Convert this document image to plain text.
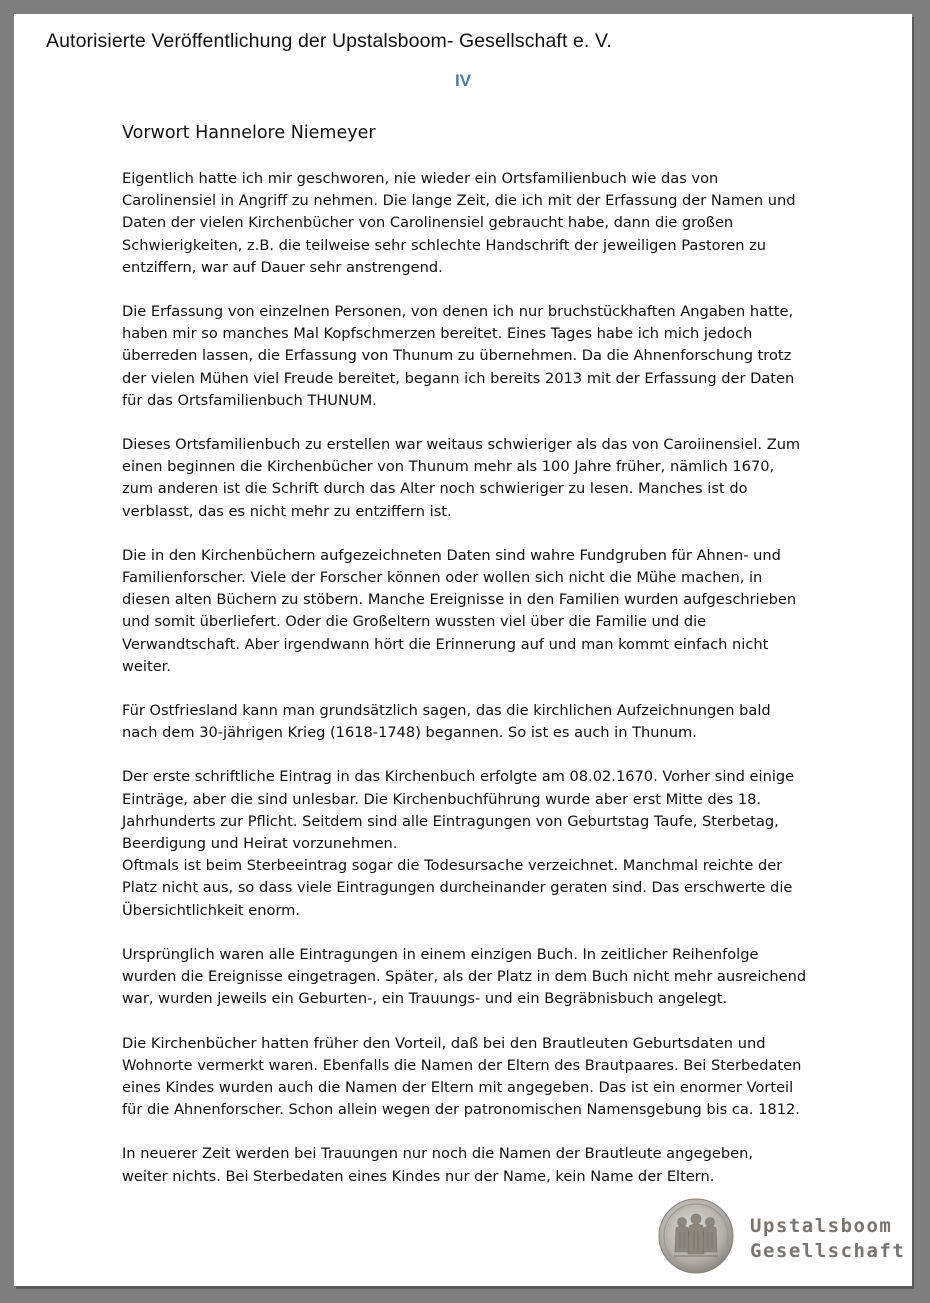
Autorisierte Veröffentlichung der Upstalsboom- Gesellschaft e. V.
IV
Vorwort Hannelore Niemeyer

Eigentlich hatte ich mir geschworen, nie wieder ein Ortsfamilienbuch wie das von
Carolinensiel in Angriff zu nehmen. Die lange Zeit, die ich mit der Erfassung der Namen und
Daten der vielen Kirchenbücher von Carolinensiel gebraucht habe, dann die großen
Schwierigkeiten, z.B. die teilweise sehr schlechte Handschrift der jeweiligen Pastoren zu
entziffern, war auf Dauer sehr anstrengend.

Die Erfassung von einzelnen Personen, von denen ich nur bruchstückhaften Angaben hatte,
haben mir so manches Mal Kopfschmerzen bereitet. Eines Tages habe ich mich jedoch
überreden lassen, die Erfassung von Thunum zu übernehmen. Da die Ahnenforschung trotz
der vielen Mühen viel Freude bereitet, begann ich bereits 2013 mit der Erfassung der Daten
für das Ortsfamilienbuch THUNUM.

Dieses Ortsfamilienbuch zu erstellen war weitaus schwieriger als das von Caroiinensiel. Zum
einen beginnen die Kirchenbücher von Thunum mehr als 100 Jahre früher, nämlich 1670,
zum anderen ist die Schrift durch das Alter noch schwieriger zu lesen. Manches ist do
verblasst, das es nicht mehr zu entziffern ist.

Die in den Kirchenbüchern aufgezeichneten Daten sind wahre Fundgruben für Ahnen- und
Familienforscher. Viele der Forscher können oder wollen sich nicht die Mühe machen, in
diesen alten Büchern zu stöbern. Manche Ereignisse in den Familien wurden aufgeschrieben
und somit überliefert. Oder die Großeltern wussten viel über die Familie und die
Verwandtschaft. Aber irgendwann hört die Erinnerung auf und man kommt einfach nicht
weiter.

Für Ostfriesland kann man grundsätzlich sagen, das die kirchlichen Aufzeichnungen bald
nach dem 30-jährigen Krieg (1618-1748) begannen. So ist es auch in Thunum.

Der erste schriftliche Eintrag in das Kirchenbuch erfolgte am 08.02.1670. Vorher sind einige
Einträge, aber die sind unlesbar. Die Kirchenbuchführung wurde aber erst Mitte des 18.
Jahrhunderts zur Pflicht. Seitdem sind alle Eintragungen von Geburtstag Taufe, Sterbetag,
Beerdigung und Heirat vorzunehmen.
Oftmals ist beim Sterbeeintrag sogar die Todesursache verzeichnet. Manchmal reichte der
Platz nicht aus, so dass viele Eintragungen durcheinander geraten sind. Das erschwerte die
Übersichtlichkeit enorm.

Ursprünglich waren alle Eintragungen in einem einzigen Buch. In zeitlicher Reihenfolge
wurden die Ereignisse eingetragen. Später, als der Platz in dem Buch nicht mehr ausreichend
war, wurden jeweils ein Geburten-, ein Trauungs- und ein Begräbnisbuch angelegt.

Die Kirchenbücher hatten früher den Vorteil, daß bei den Brautleuten Geburtsdaten und
Wohnorte vermerkt waren. Ebenfalls die Namen der Eltern des Brautpaares. Bei Sterbedaten
eines Kindes wurden auch die Namen der Eltern mit angegeben. Das ist ein enormer Vorteil
für die Ahnenforscher. Schon allein wegen der patronomischen Namensgebung bis ca. 1812.

In neuerer Zeit werden bei Trauungen nur noch die Namen der Brautleute angegeben,
weiter nichts. Bei Sterbedaten eines Kindes nur der Name, kein Name der Eltern.

Upstalsboom
Gesellschaft
